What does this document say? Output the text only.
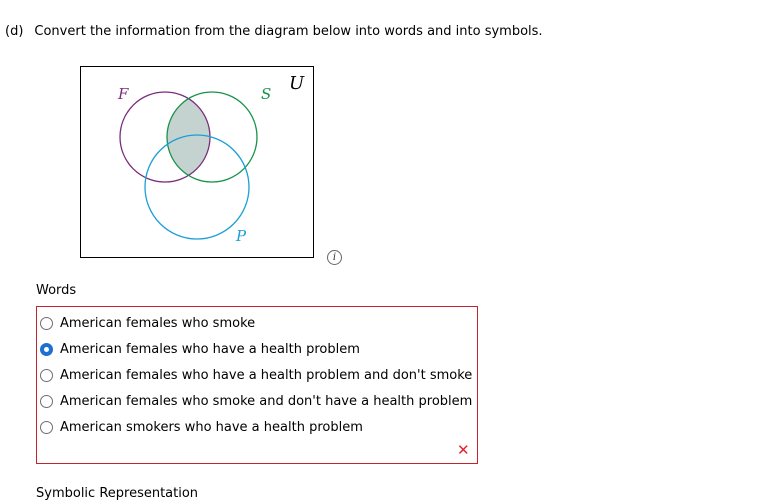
(d) Convert the information from the diagram below into words and into symbols.
F	S U
P
i
Words
American females who smoke
American females who have a health problem
American females who have a health problem and don't smoke
American females who smoke and don't have a health problem
American smokers who have a health problem
✕
Symbolic Representation
